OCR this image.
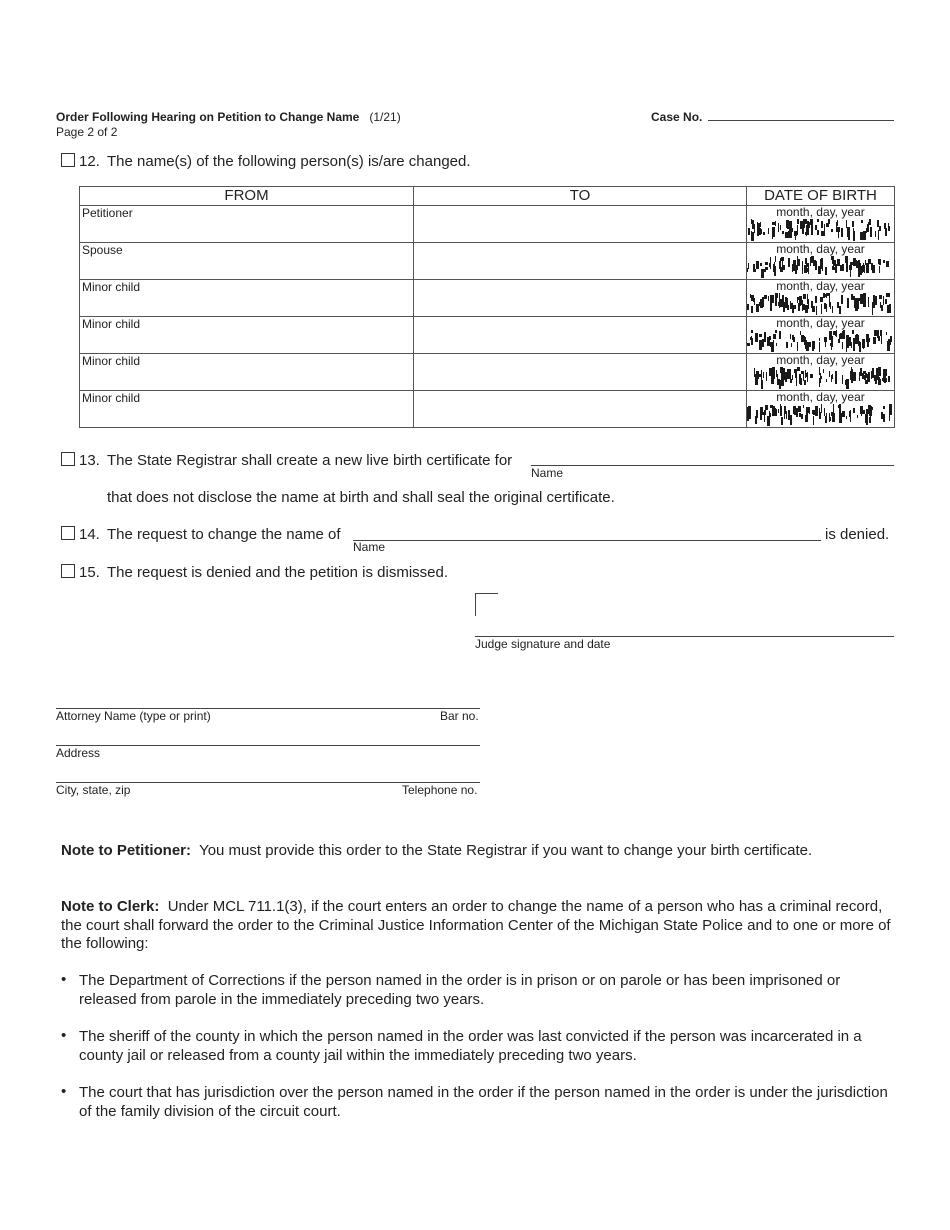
Order Following Hearing on Petition to Change Name (1/21)
Page 2 of 2
Case No.
12. The name(s) of the following person(s) is/are changed.
FROM	TO	DATE OF BIRTH

Petitioner		month, day, year

Spouse		month, day, year

Minor child		month, day, year

Minor child		month, day, year

Minor child		month, day, year

Minor child		month, day, year
13. The State Registrar shall create a new live birth certificate for
Name
that does not disclose the name at birth and shall seal the original certificate.
14. The request to change the name of
Name
is denied.
15. The request is denied and the petition is dismissed.
Judge signature and date
Attorney Name (type or print)	Bar no.
Address
City, state, zip	Telephone no.
Note to Petitioner: You must provide this order to the State Registrar if you want to change your birth certificate.
Note to Clerk: Under MCL 711.1(3), if the court enters an order to change the name of a person who has a criminal record, the court shall forward the order to the Criminal Justice Information Center of the Michigan State Police and to one or more of the following:
• The Department of Corrections if the person named in the order is in prison or on parole or has been imprisoned or released from parole in the immediately preceding two years.
• The sheriff of the county in which the person named in the order was last convicted if the person was incarcerated in a county jail or released from a county jail within the immediately preceding two years.
• The court that has jurisdiction over the person named in the order if the person named in the order is under the jurisdiction of the family division of the circuit court.
